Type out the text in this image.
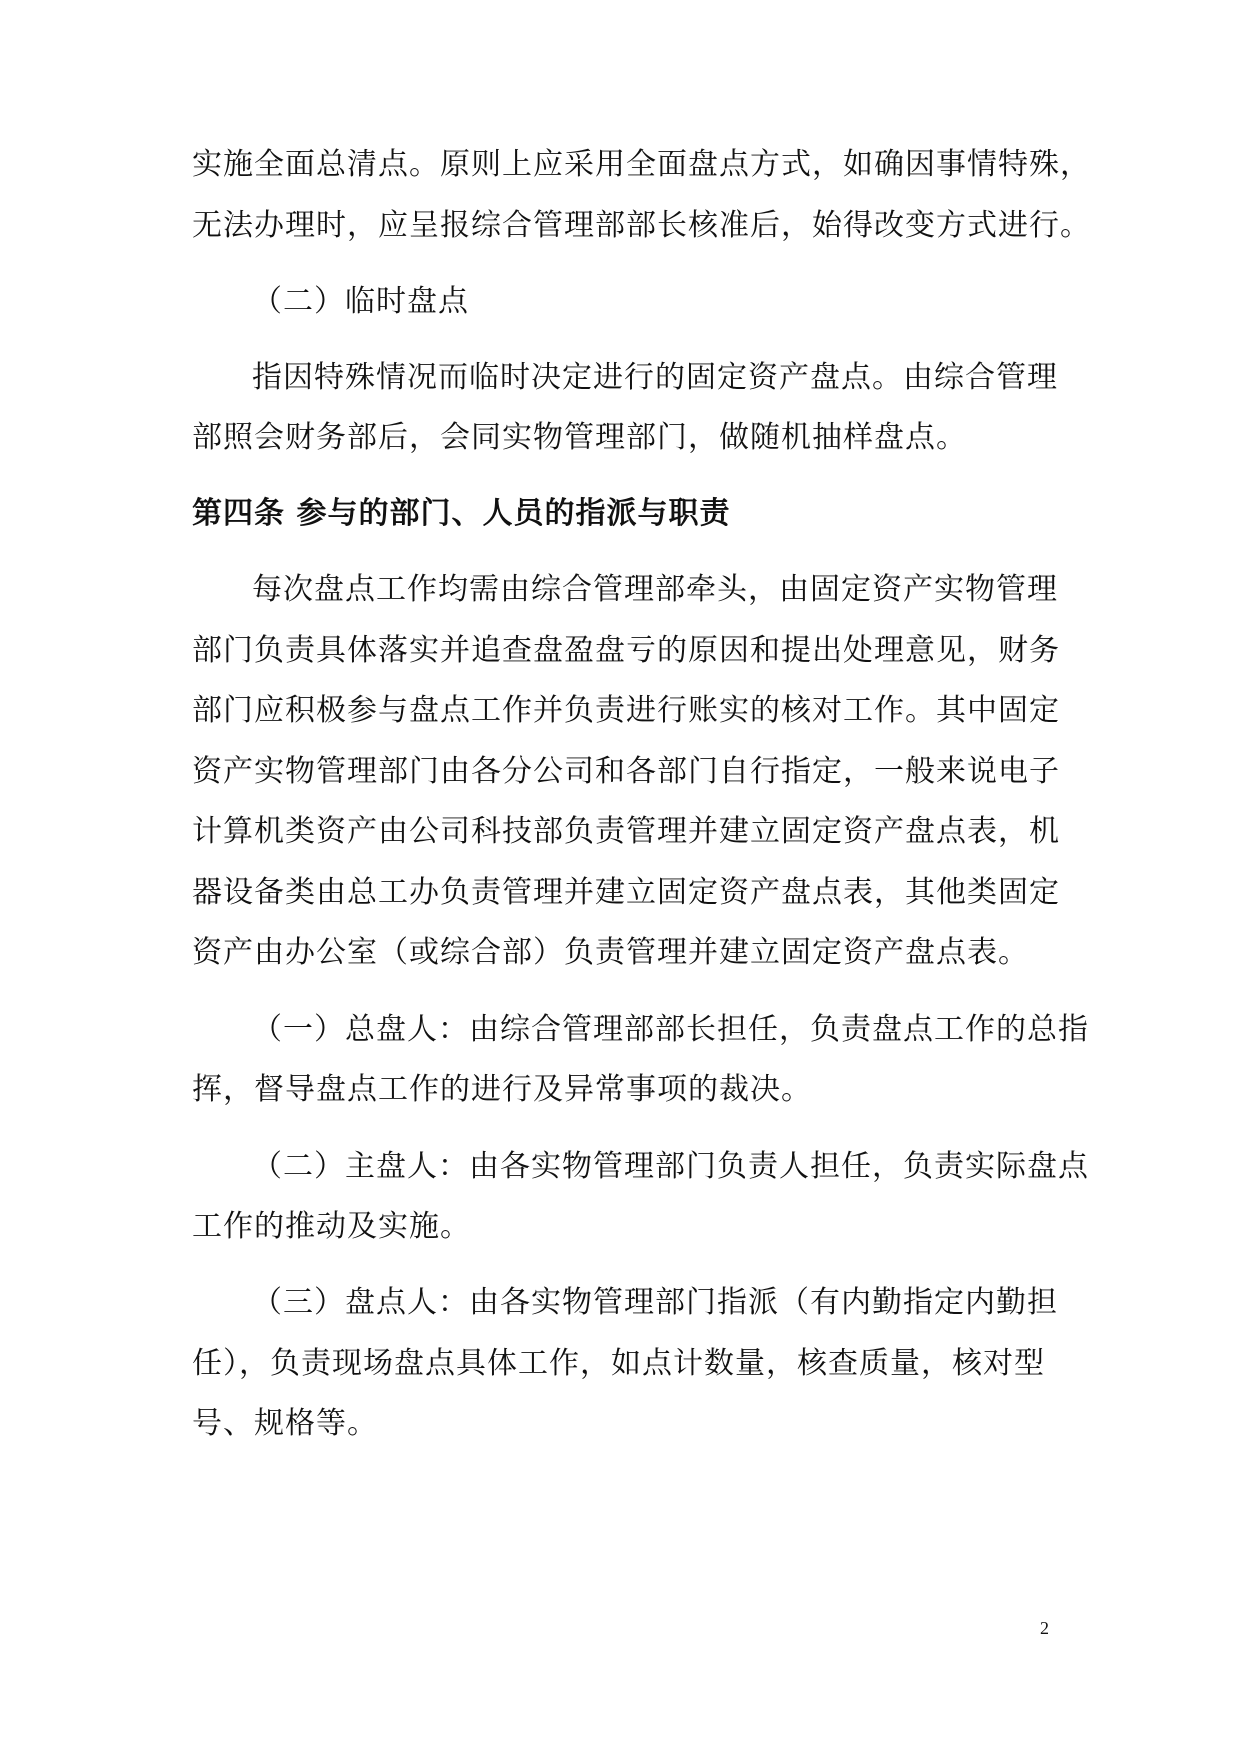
实施全面总清点。原则上应采用全面盘点方式，如确因事情特殊，
无法办理时，应呈报综合管理部部长核准后，始得改变方式进行。
（二）临时盘点
指因特殊情况而临时决定进行的固定资产盘点。由综合管理
部照会财务部后，会同实物管理部门，做随机抽样盘点。
第四条 参与的部门、人员的指派与职责
每次盘点工作均需由综合管理部牵头，由固定资产实物管理
部门负责具体落实并追查盘盈盘亏的原因和提出处理意见，财务
部门应积极参与盘点工作并负责进行账实的核对工作。其中固定
资产实物管理部门由各分公司和各部门自行指定，一般来说电子
计算机类资产由公司科技部负责管理并建立固定资产盘点表，机
器设备类由总工办负责管理并建立固定资产盘点表，其他类固定
资产由办公室（或综合部）负责管理并建立固定资产盘点表。
（一）总盘人：由综合管理部部长担任，负责盘点工作的总指
挥，督导盘点工作的进行及异常事项的裁决。
（二）主盘人：由各实物管理部门负责人担任，负责实际盘点
工作的推动及实施。
（三）盘点人：由各实物管理部门指派（有内勤指定内勤担
任），负责现场盘点具体工作，如点计数量，核查质量，核对型
号、规格等。
2
